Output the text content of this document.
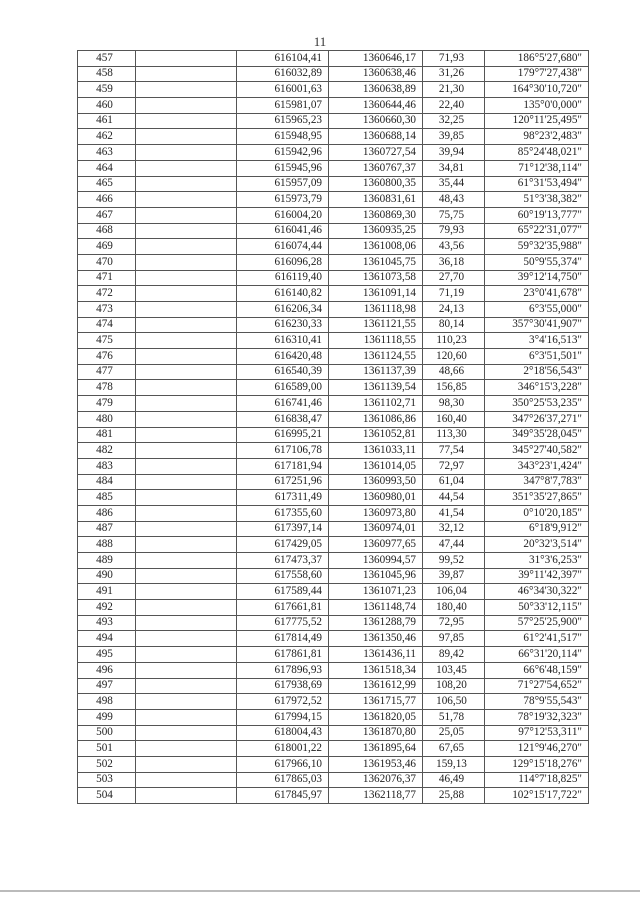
11
457		616104,41	1360646,17	71,93	186°5'27,680"
458		616032,89	1360638,46	31,26	179°7'27,438"
459		616001,63	1360638,89	21,30	164°30'10,720"
460		615981,07	1360644,46	22,40	135°0'0,000"
461		615965,23	1360660,30	32,25	120°11'25,495"
462		615948,95	1360688,14	39,85	98°23'2,483"
463		615942,96	1360727,54	39,94	85°24'48,021"
464		615945,96	1360767,37	34,81	71°12'38,114"
465		615957,09	1360800,35	35,44	61°31'53,494"
466		615973,79	1360831,61	48,43	51°3'38,382"
467		616004,20	1360869,30	75,75	60°19'13,777"
468		616041,46	1360935,25	79,93	65°22'31,077"
469		616074,44	1361008,06	43,56	59°32'35,988"
470		616096,28	1361045,75	36,18	50°9'55,374"
471		616119,40	1361073,58	27,70	39°12'14,750"
472		616140,82	1361091,14	71,19	23°0'41,678"
473		616206,34	1361118,98	24,13	6°3'55,000"
474		616230,33	1361121,55	80,14	357°30'41,907"
475		616310,41	1361118,55	110,23	3°4'16,513"
476		616420,48	1361124,55	120,60	6°3'51,501"
477		616540,39	1361137,39	48,66	2°18'56,543"
478		616589,00	1361139,54	156,85	346°15'3,228"
479		616741,46	1361102,71	98,30	350°25'53,235"
480		616838,47	1361086,86	160,40	347°26'37,271"
481		616995,21	1361052,81	113,30	349°35'28,045"
482		617106,78	1361033,11	77,54	345°27'40,582"
483		617181,94	1361014,05	72,97	343°23'1,424"
484		617251,96	1360993,50	61,04	347°8'7,783"
485		617311,49	1360980,01	44,54	351°35'27,865"
486		617355,60	1360973,80	41,54	0°10'20,185"
487		617397,14	1360974,01	32,12	6°18'9,912"
488		617429,05	1360977,65	47,44	20°32'3,514"
489		617473,37	1360994,57	99,52	31°3'6,253"
490		617558,60	1361045,96	39,87	39°11'42,397"
491		617589,44	1361071,23	106,04	46°34'30,322"
492		617661,81	1361148,74	180,40	50°33'12,115"
493		617775,52	1361288,79	72,95	57°25'25,900"
494		617814,49	1361350,46	97,85	61°2'41,517"
495		617861,81	1361436,11	89,42	66°31'20,114"
496		617896,93	1361518,34	103,45	66°6'48,159"
497		617938,69	1361612,99	108,20	71°27'54,652"
498		617972,52	1361715,77	106,50	78°9'55,543"
499		617994,15	1361820,05	51,78	78°19'32,323"
500		618004,43	1361870,80	25,05	97°12'53,311"
501		618001,22	1361895,64	67,65	121°9'46,270"
502		617966,10	1361953,46	159,13	129°15'18,276"
503		617865,03	1362076,37	46,49	114°7'18,825"
504		617845,97	1362118,77	25,88	102°15'17,722"
